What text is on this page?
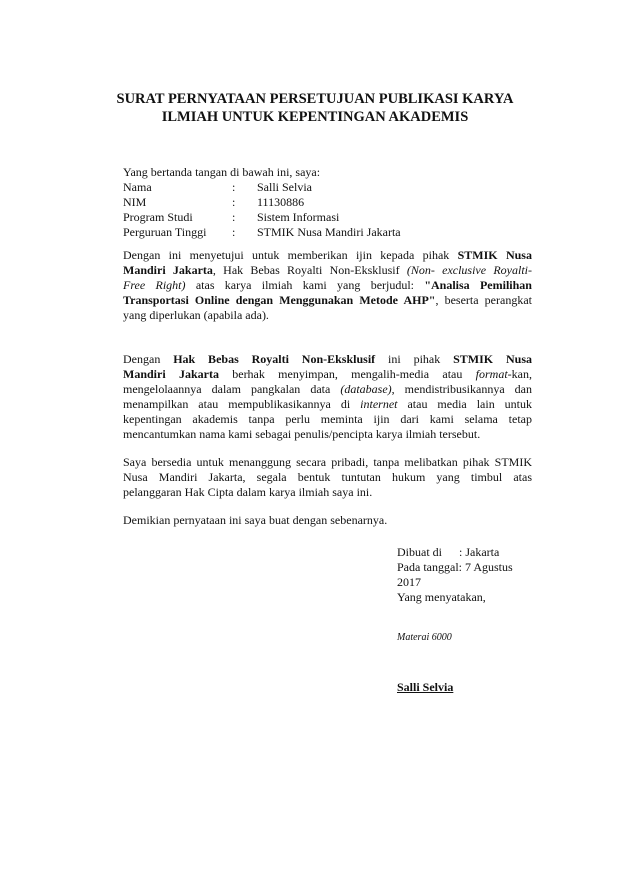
SURAT PERNYATAAN PERSETUJUAN PUBLIKASI KARYA
ILMIAH UNTUK KEPENTINGAN AKADEMIS
Yang bertanda tangan di bawah ini, saya:
Nama	:	Salli Selvia
NIM	:	11130886
Program Studi	:	Sistem Informasi
Perguruan Tinggi	:	STMIK Nusa Mandiri Jakarta
Dengan ini menyetujui untuk memberikan ijin kepada pihak STMIK Nusa
Mandiri Jakarta, Hak Bebas Royalti Non-Eksklusif (Non- exclusive Royalti-
Free Right) atas karya ilmiah kami yang berjudul: "Analisa Pemilihan
Transportasi Online dengan Menggunakan Metode AHP", beserta perangkat
yang diperlukan (apabila ada).
Dengan Hak Bebas Royalti Non-Eksklusif ini pihak STMIK Nusa
Mandiri Jakarta berhak menyimpan, mengalih-media atau format-kan,
mengelolaannya dalam pangkalan data (database), mendistribusikannya dan
menampilkan atau mempublikasikannya di internet atau media lain untuk
kepentingan akademis tanpa perlu meminta ijin dari kami selama tetap
mencantumkan nama kami sebagai penulis/pencipta karya ilmiah tersebut.
Saya bersedia untuk menanggung secara pribadi, tanpa melibatkan pihak STMIK
Nusa Mandiri Jakarta, segala bentuk tuntutan hukum yang timbul atas
pelanggaran Hak Cipta dalam karya ilmiah saya ini.
Demikian pernyataan ini saya buat dengan sebenarnya.
Dibuat di	: Jakarta
Pada tanggal : 7 Agustus
2017
Yang menyatakan,
Materai 6000
Salli Selvia
